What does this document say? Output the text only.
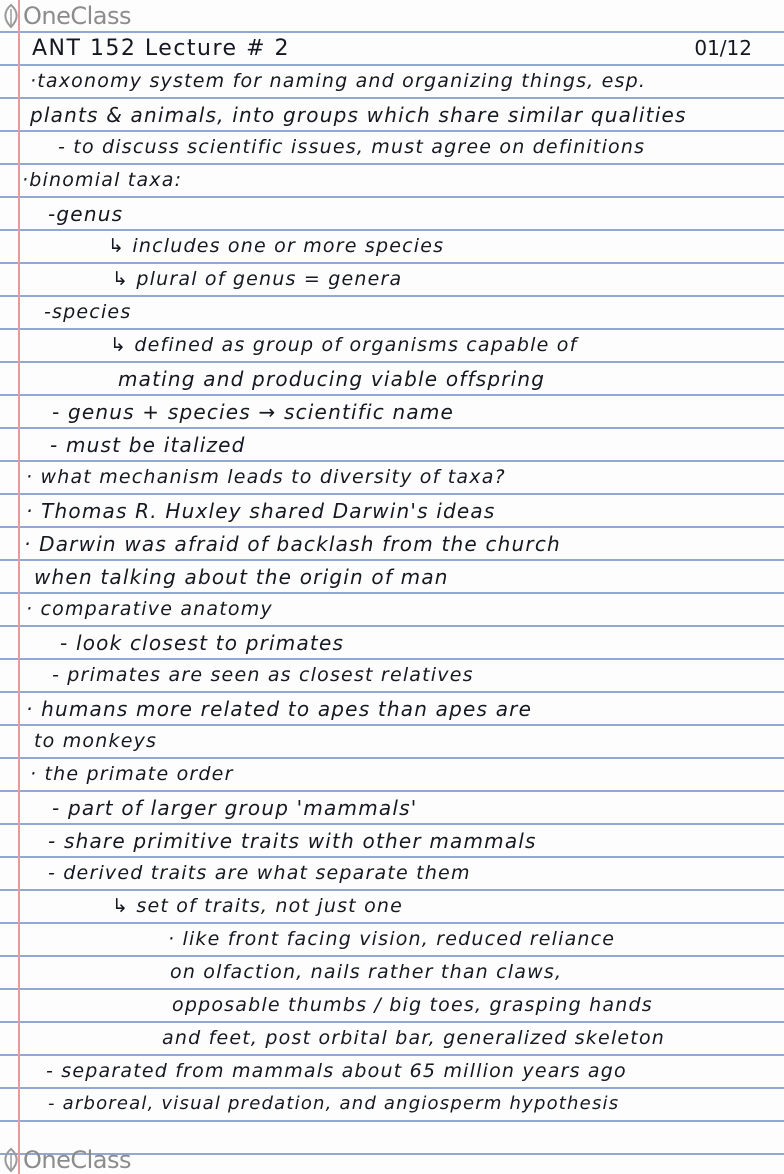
OneClass
ANT 152 Lecture # 2	01/12
·taxonomy system for naming and organizing things, esp.
plants & animals, into groups which share similar qualities
- to discuss scientific issues, must agree on definitions
·binomial taxa:
-genus
↳ includes one or more species
↳ plural of genus = genera
-species
↳ defined as group of organisms capable of
mating and producing viable offspring
- genus + species → scientific name
- must be italized
· what mechanism leads to diversity of taxa?
· Thomas R. Huxley shared Darwin's ideas
· Darwin was afraid of backlash from the church
when talking about the origin of man
· comparative anatomy
- look closest to primates
- primates are seen as closest relatives
· humans more related to apes than apes are
to monkeys
· the primate order
- part of larger group 'mammals'
- share primitive traits with other mammals
- derived traits are what separate them
↳ set of traits, not just one
· like front facing vision, reduced reliance
on olfaction, nails rather than claws,
opposable thumbs / big toes, grasping hands
and feet, post orbital bar, generalized skeleton
- separated from mammals about 65 million years ago
- arboreal, visual predation, and angiosperm hypothesis
OneClass
